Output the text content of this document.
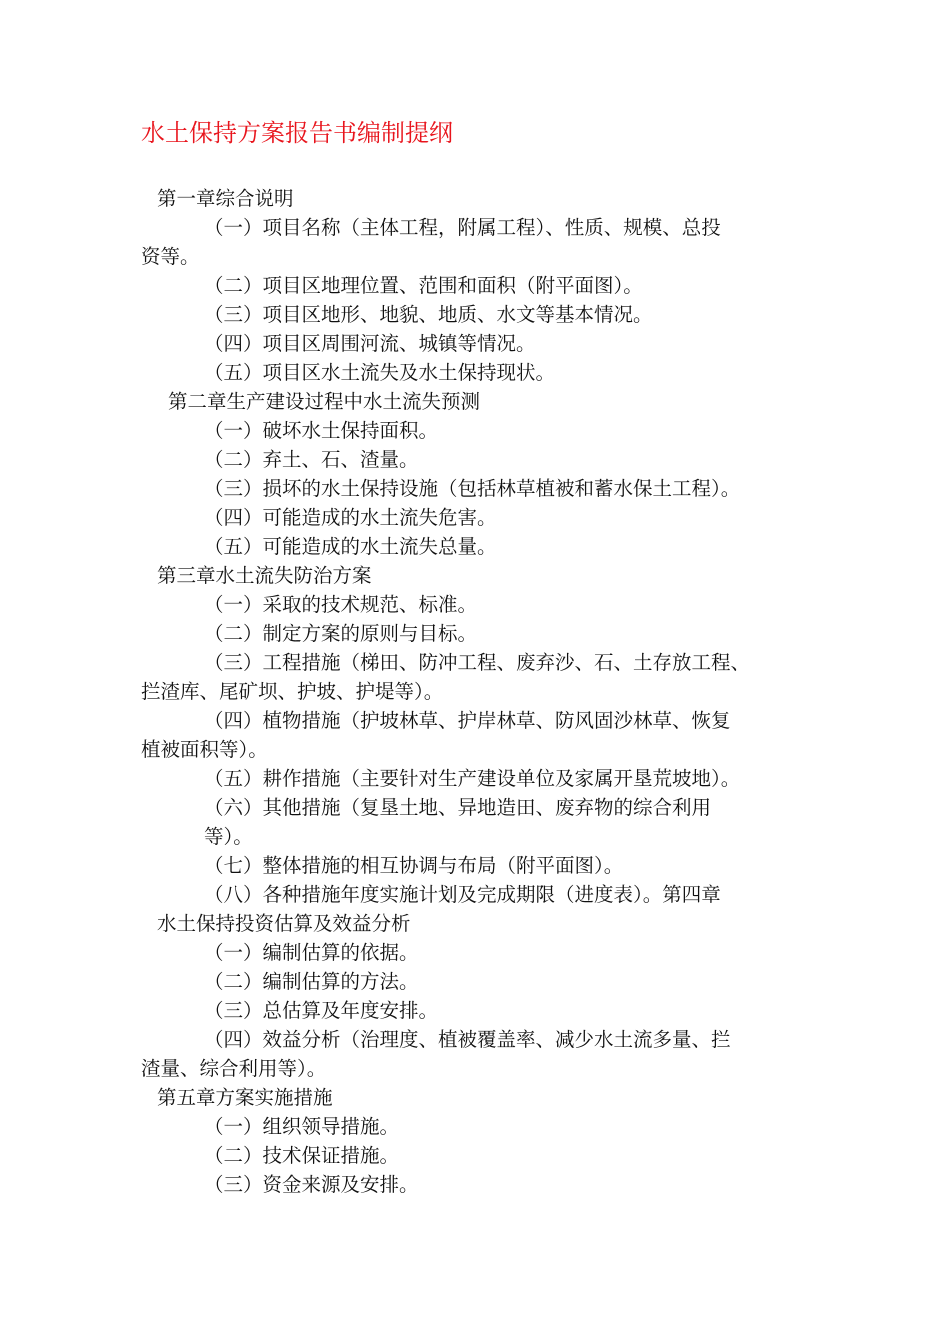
水土保持方案报告书编制提纲
第一章综合说明
（一）项目名称（主体工程，附属工程）、性质、规模、总投
资等。
（二）项目区地理位置、范围和面积（附平面图）。
（三）项目区地形、地貌、地质、水文等基本情况。
（四）项目区周围河流、城镇等情况。
（五）项目区水土流失及水土保持现状。
第二章生产建设过程中水土流失预测
（一）破坏水土保持面积。
（二）弃土、石、渣量。
（三）损坏的水土保持设施（包括林草植被和蓄水保土工程）。
（四）可能造成的水土流失危害。
（五）可能造成的水土流失总量。
第三章水土流失防治方案
（一）采取的技术规范、标准。
（二）制定方案的原则与目标。
（三）工程措施（梯田、防冲工程、废弃沙、石、土存放工程、
拦渣库、尾矿坝、护坡、护堤等）。
（四）植物措施（护坡林草、护岸林草、防风固沙林草、恢复
植被面积等）。
（五）耕作措施（主要针对生产建设单位及家属开垦荒坡地）。
（六）其他措施（复垦土地、异地造田、废弃物的综合利用
等）。
（七）整体措施的相互协调与布局（附平面图）。
（八）各种措施年度实施计划及完成期限（进度表）。第四章
水土保持投资估算及效益分析
（一）编制估算的依据。
（二）编制估算的方法。
（三）总估算及年度安排。
（四）效益分析（治理度、植被覆盖率、减少水土流多量、拦
渣量、综合利用等）。
第五章方案实施措施
（一）组织领导措施。
（二）技术保证措施。
（三）资金来源及安排。
